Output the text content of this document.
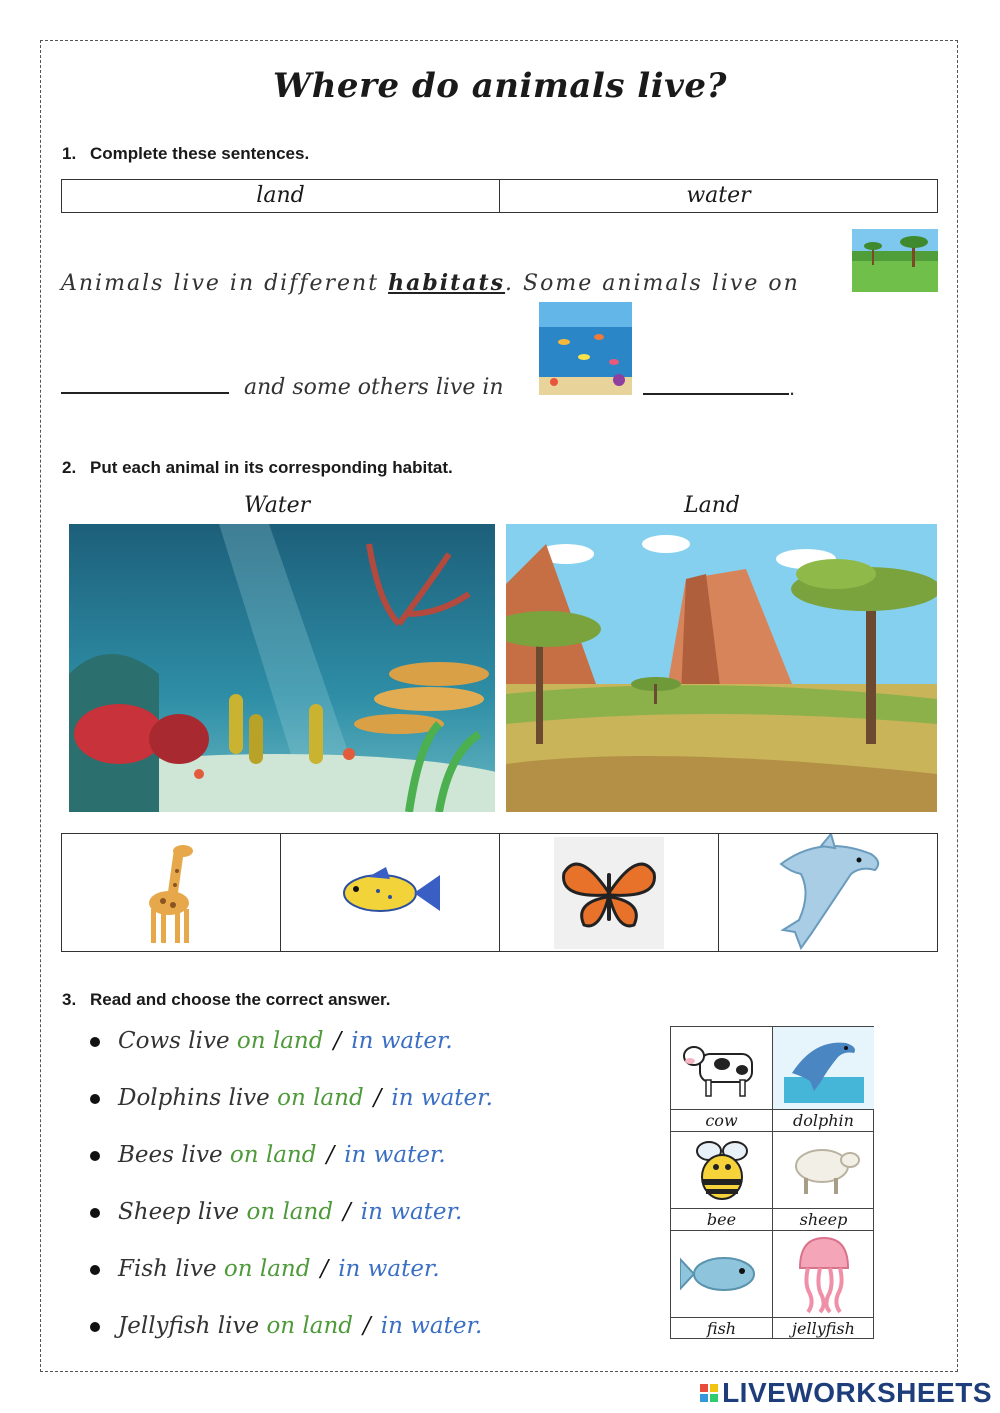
Where do animals live?
1. Complete these sentences.
land	water
Animals live in different habitats. Some animals live on
and some others live in	.
2. Put each animal in its corresponding habitat.
Water	Land
3. Read and choose the correct answer.
Cows live on land / in water.
Dolphins live on land / in water.
Bees live on land / in water.
Sheep live on land / in water.
Fish live on land / in water.
Jellyfish live on land / in water.
cow	dolphin
bee	sheep
fish	jellyfish
LIVEWORKSHEETS
